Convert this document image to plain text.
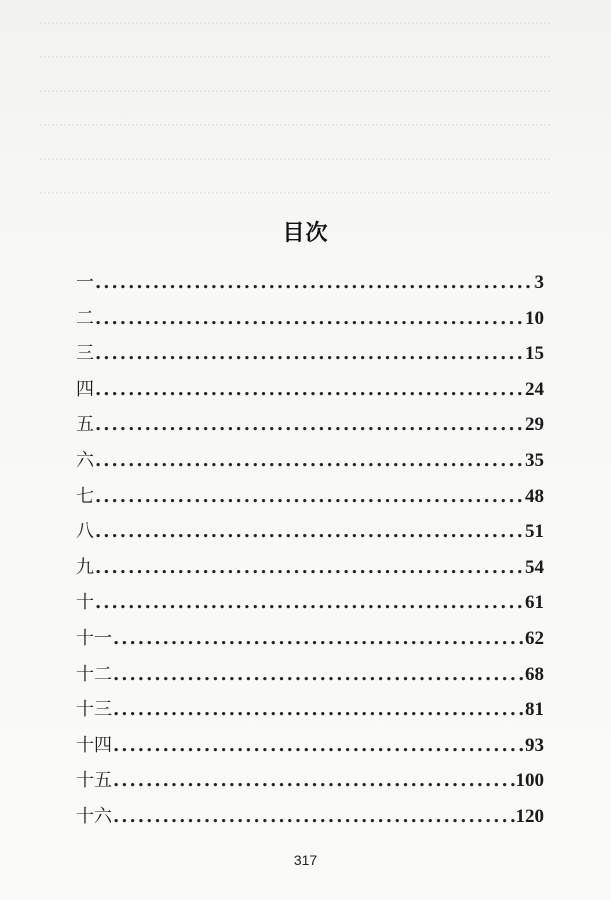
目次
一 .....	3
二 .....	10
三 .....	15
四 .....	24
五 .....	29
六 .....	35
七 .....	48
八 .....	51
九 .....	54
十 .....	61
十一 .....	62
十二 .....	68
十三 .....	81
十四 .....	93
十五 .....	100
十六 .....	120
317
